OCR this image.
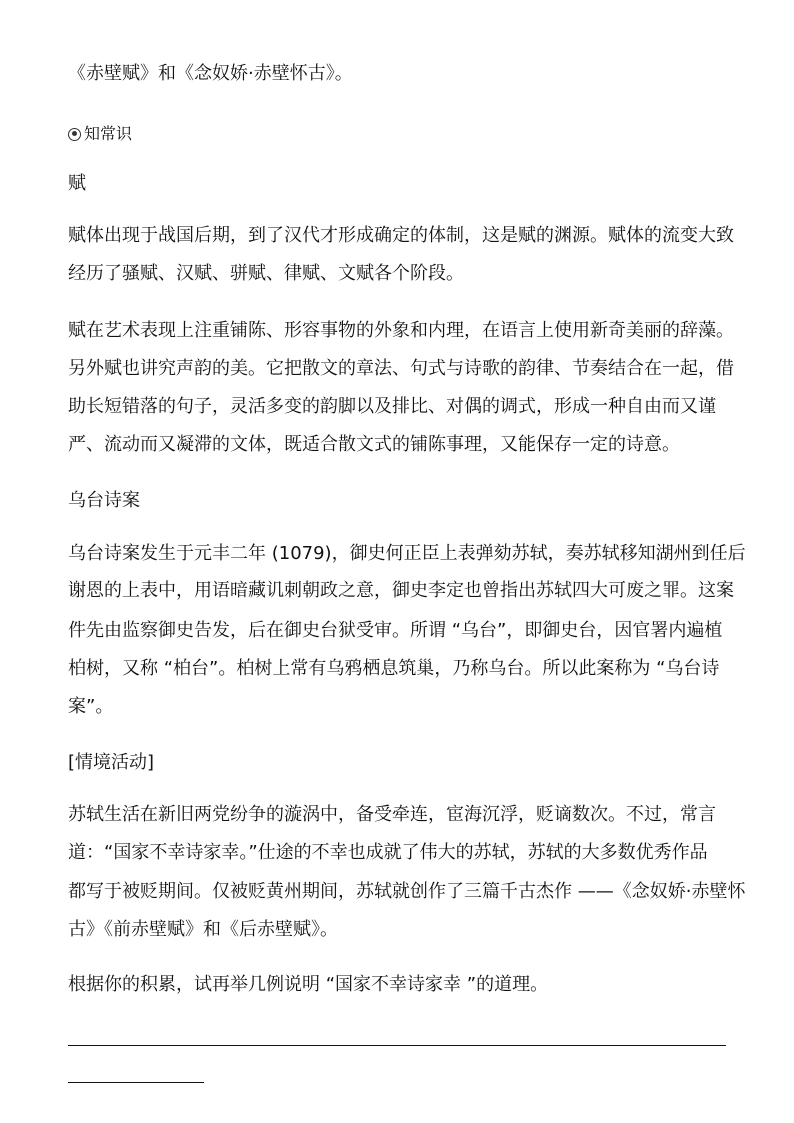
《赤壁赋》和《念奴娇·赤壁怀古》。

知常识

赋

赋体出现于战国后期，到了汉代才形成确定的体制，这是赋的渊源。赋体的流变大致

经历了骚赋、汉赋、骈赋、律赋、文赋各个阶段。

赋在艺术表现上注重铺陈、形容事物的外象和内理，在语言上使用新奇美丽的辞藻。

另外赋也讲究声韵的美。它把散文的章法、句式与诗歌的韵律、节奏结合在一起，借

助长短错落的句子，灵活多变的韵脚以及排比、对偶的调式，形成一种自由而又谨

严、流动而又凝滞的文体，既适合散文式的铺陈事理，又能保存一定的诗意。

乌台诗案

乌台诗案发生于元丰二年 (1079)，御史何正臣上表弹劾苏轼，奏苏轼移知湖州到任后

谢恩的上表中，用语暗藏讥刺朝政之意，御史李定也曾指出苏轼四大可废之罪。这案

件先由监察御史告发，后在御史台狱受审。所谓 “乌台”，即御史台，因官署内遍植

柏树，又称 “柏台”。柏树上常有乌鸦栖息筑巢，乃称乌台。所以此案称为 “乌台诗

案”。

[情境活动]

苏轼生活在新旧两党纷争的漩涡中，备受牵连，宦海沉浮，贬谪数次。不过，常言

道：“国家不幸诗家幸。”仕途的不幸也成就了伟大的苏轼，苏轼的大多数优秀作品

都写于被贬期间。仅被贬黄州期间，苏轼就创作了三篇千古杰作 ——《念奴娇·赤壁怀

古》《前赤壁赋》和《后赤壁赋》。

根据你的积累，试再举几例说明 “国家不幸诗家幸 ”的道理。
